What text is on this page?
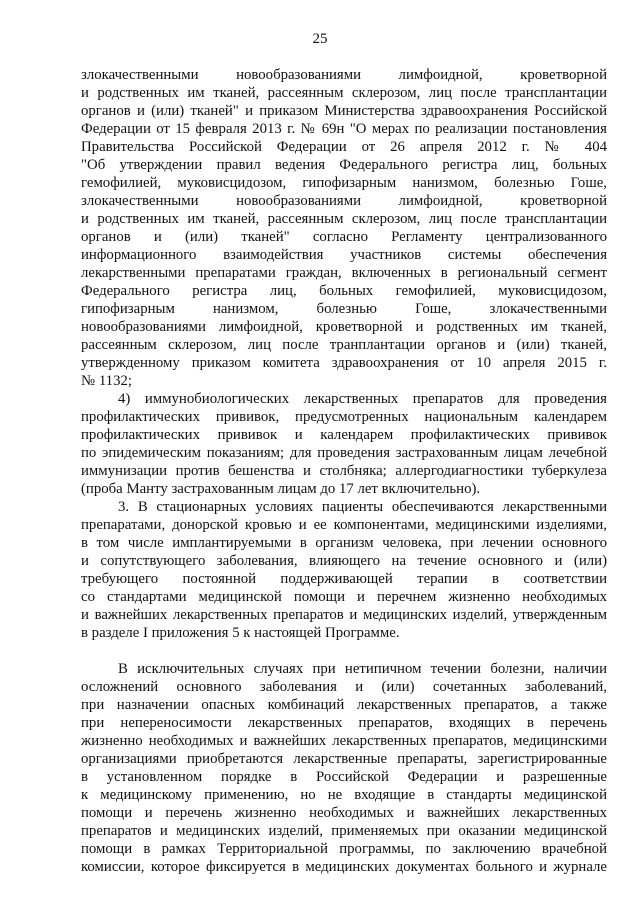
25
злокачественными новообразованиями лимфоидной, кроветворной
и родственных им тканей, рассеянным склерозом, лиц после трансплантации
органов и (или) тканей" и приказом Министерства здравоохранения Российской
Федерации от 15 февраля 2013 г. № 69н "О мерах по реализации постановления
Правительства Российской Федерации от 26 апреля 2012 г. № 404
"Об утверждении правил ведения Федерального регистра лиц, больных
гемофилией, муковисцидозом, гипофизарным нанизмом, болезнью Гоше,
злокачественными новообразованиями лимфоидной, кроветворной
и родственных им тканей, рассеянным склерозом, лиц после трансплантации
органов и (или) тканей" согласно Регламенту централизованного
информационного взаимодействия участников системы обеспечения
лекарственными препаратами граждан, включенных в региональный сегмент
Федерального регистра лиц, больных гемофилией, муковисцидозом,
гипофизарным нанизмом, болезнью Гоше, злокачественными
новообразованиями лимфоидной, кроветворной и родственных им тканей,
рассеянным склерозом, лиц после транплантации органов и (или) тканей,
утвержденному приказом комитета здравоохранения от 10 апреля 2015 г.
№ 1132;
4) иммунобиологических лекарственных препаратов для проведения
профилактических прививок, предусмотренных национальным календарем
профилактических прививок и календарем профилактических прививок
по эпидемическим показаниям; для проведения застрахованным лицам лечебной
иммунизации против бешенства и столбняка; аллергодиагностики туберкулеза
(проба Манту застрахованным лицам до 17 лет включительно).
3. В стационарных условиях пациенты обеспечиваются лекарственными
препаратами, донорской кровью и ее компонентами, медицинскими изделиями,
в том числе имплантируемыми в организм человека, при лечении основного
и сопутствующего заболевания, влияющего на течение основного и (или)
требующего постоянной поддерживающей терапии в соответствии
со стандартами медицинской помощи и перечнем жизненно необходимых
и важнейших лекарственных препаратов и медицинских изделий, утвержденным
в разделе I приложения 5 к настоящей Программе.
В исключительных случаях при нетипичном течении болезни, наличии
осложнений основного заболевания и (или) сочетанных заболеваний,
при назначении опасных комбинаций лекарственных препаратов, а также
при непереносимости лекарственных препаратов, входящих в перечень
жизненно необходимых и важнейших лекарственных препаратов, медицинскими
организациями приобретаются лекарственные препараты, зарегистрированные
в установленном порядке в Российской Федерации и разрешенные
к медицинскому применению, но не входящие в стандарты медицинской
помощи и перечень жизненно необходимых и важнейших лекарственных
препаратов и медицинских изделий, применяемых при оказании медицинской
помощи в рамках Территориальной программы, по заключению врачебной
комиссии, которое фиксируется в медицинских документах больного и журнале
